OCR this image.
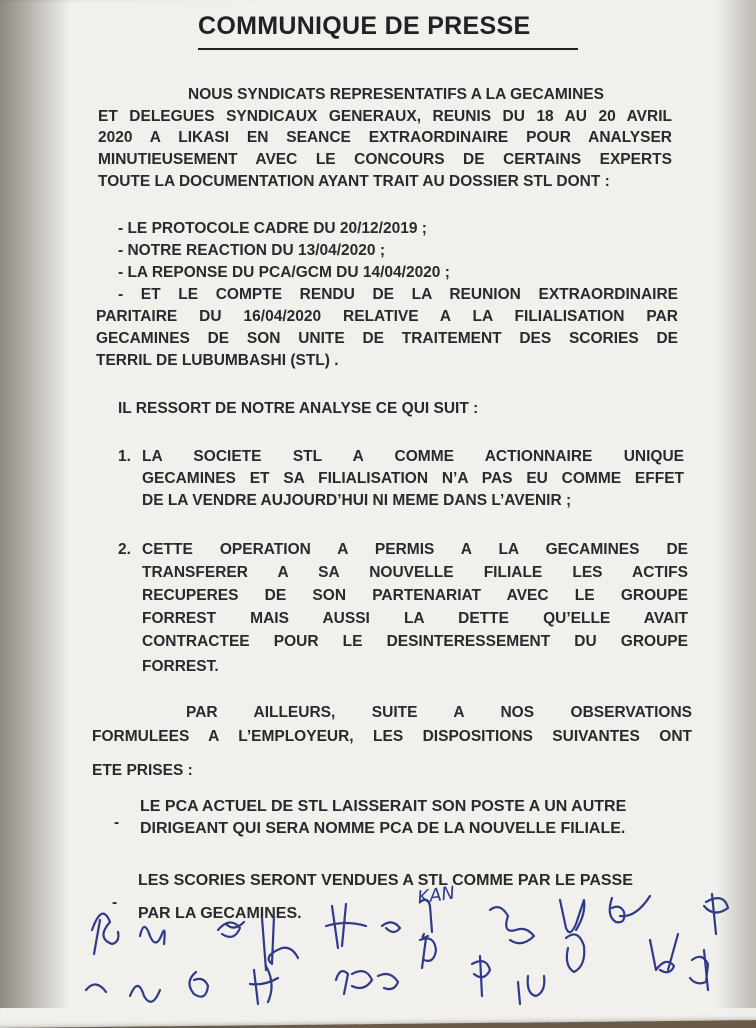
COMMUNIQUE DE PRESSE
NOUS SYNDICATS REPRESENTATIFS A LA GECAMINES
ET DELEGUES SYNDICAUX GENERAUX, REUNIS DU 18 AU 20 AVRIL
2020 A LIKASI EN SEANCE EXTRAORDINAIRE POUR ANALYSER
MINUTIEUSEMENT AVEC LE CONCOURS DE CERTAINS EXPERTS
TOUTE LA DOCUMENTATION AYANT TRAIT AU DOSSIER STL DONT :
- LE PROTOCOLE CADRE DU 20/12/2019 ;
- NOTRE REACTION DU 13/04/2020 ;
- LA REPONSE DU PCA/GCM DU 14/04/2020 ;
- ET LE COMPTE RENDU DE LA REUNION EXTRAORDINAIRE
PARITAIRE DU 16/04/2020 RELATIVE A LA FILIALISATION PAR
GECAMINES DE SON UNITE DE TRAITEMENT DES SCORIES DE
TERRIL DE LUBUMBASHI (STL) .
IL RESSORT DE NOTRE ANALYSE CE QUI SUIT :
1. LA SOCIETE STL A COMME ACTIONNAIRE UNIQUE
GECAMINES ET SA FILIALISATION N’A PAS EU COMME EFFET
DE LA VENDRE AUJOURD’HUI NI MEME DANS L’AVENIR ;
2. CETTE OPERATION A PERMIS A LA GECAMINES DE
TRANSFERER A SA NOUVELLE FILIALE LES ACTIFS
RECUPERES DE SON PARTENARIAT AVEC LE GROUPE
FORREST MAIS AUSSI LA DETTE QU’ELLE AVAIT
CONTRACTEE POUR LE DESINTERESSEMENT DU GROUPE
FORREST.
PAR AILLEURS, SUITE A NOS OBSERVATIONS
FORMULEES A L’EMPLOYEUR, LES DISPOSITIONS SUIVANTES ONT
ETE PRISES :
-
LE PCA ACTUEL DE STL LAISSERAIT SON POSTE A UN AUTRE
DIRIGEANT QUI SERA NOMME PCA DE LA NOUVELLE FILIALE.
-
LES SCORIES SERONT VENDUES A STL COMME PAR LE PASSE
PAR LA GECAMINES.
KAN
